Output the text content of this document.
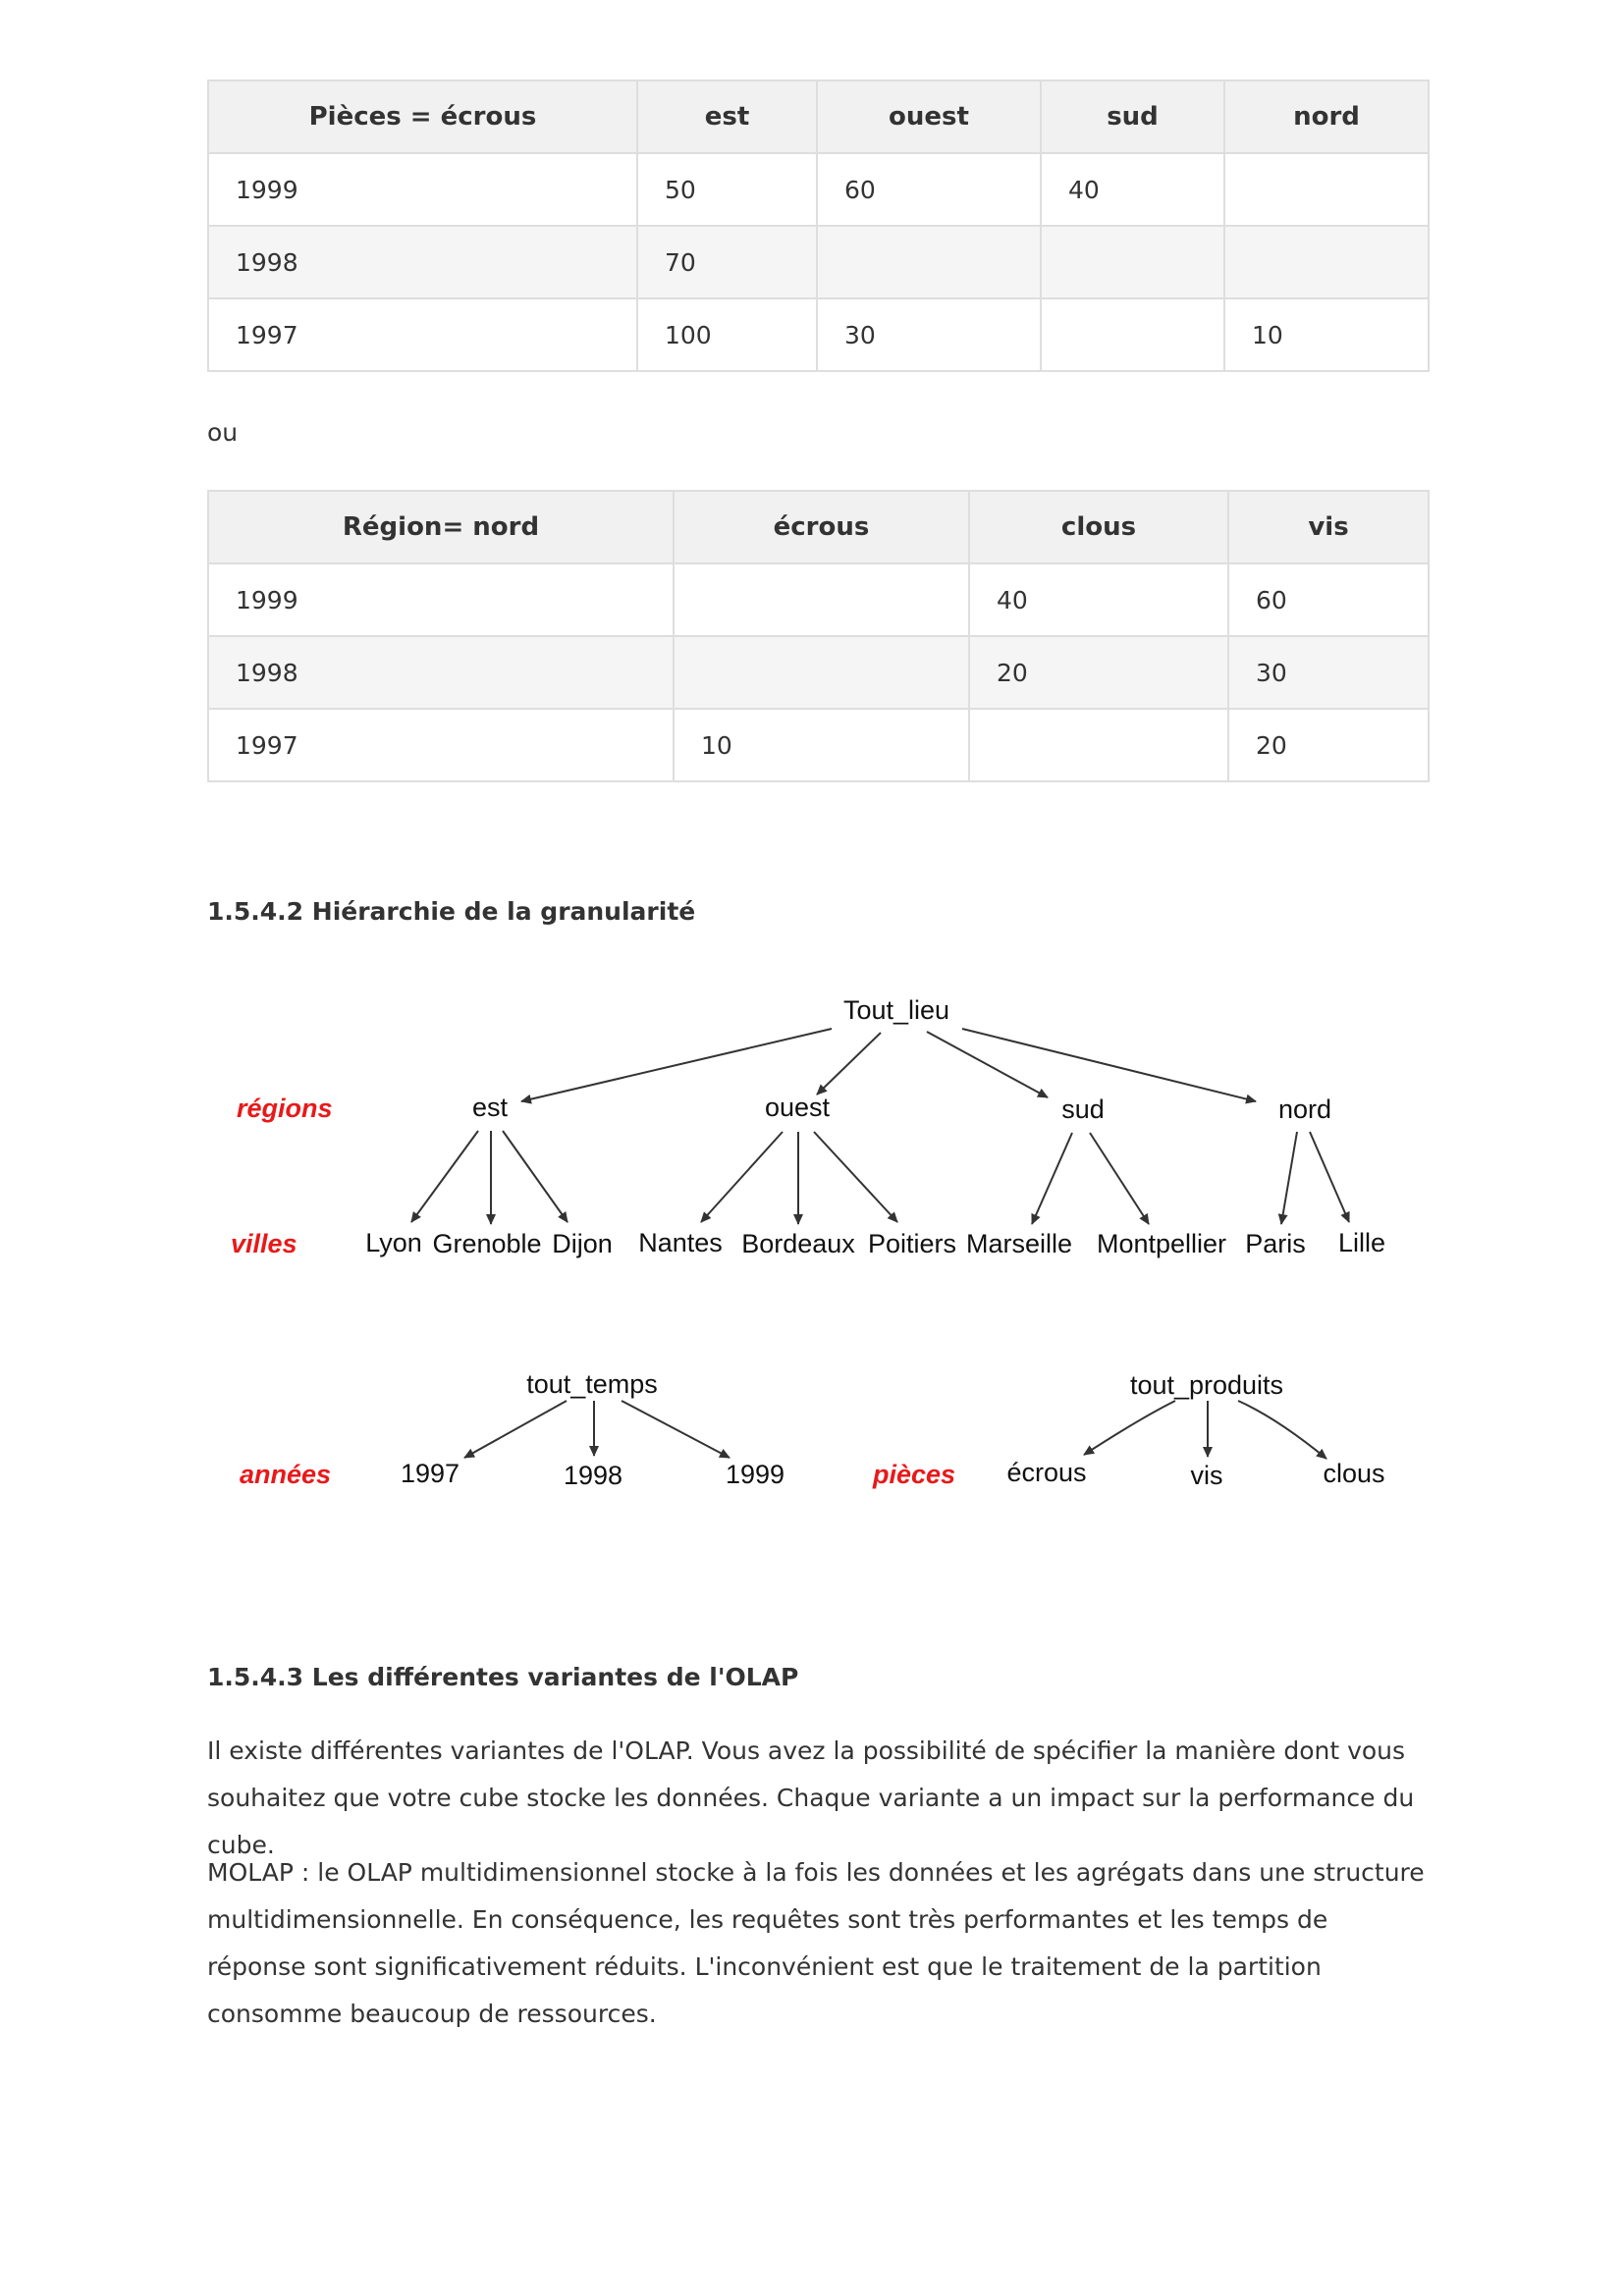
Pièces = écrous	est	ouest	sud	nord
1999	50	60	40	
1998	70			
1997	100	30		10
ou
Région= nord	écrous	clous	vis
1999		40	60
1998		20	30
1997	10		20
1.5.4.2 Hiérarchie de la granularité
1.5.4.3 Les différentes variantes de l'OLAP

Il existe différentes variantes de l'OLAP. Vous avez la possibilité de spécifier la manière dont vous souhaitez que votre cube stocke les données. Chaque variante a un impact sur la performance du cube.

MOLAP : le OLAP multidimensionnel stocke à la fois les données et les agrégats dans une structure multidimensionnelle. En conséquence, les requêtes sont très performantes et les temps de réponse sont significativement réduits. L'inconvénient est que le traitement de la partition consomme beaucoup de ressources.

régions
villes
années	pièces
Tout_lieu
est	ouest	sud	nord
Lyon Grenoble Dijon Nantes Bordeaux Poitiers Marseille Montpellier Paris Lille
tout_temps
1997	1998	1999
tout_produits
écrous	vis	clous
